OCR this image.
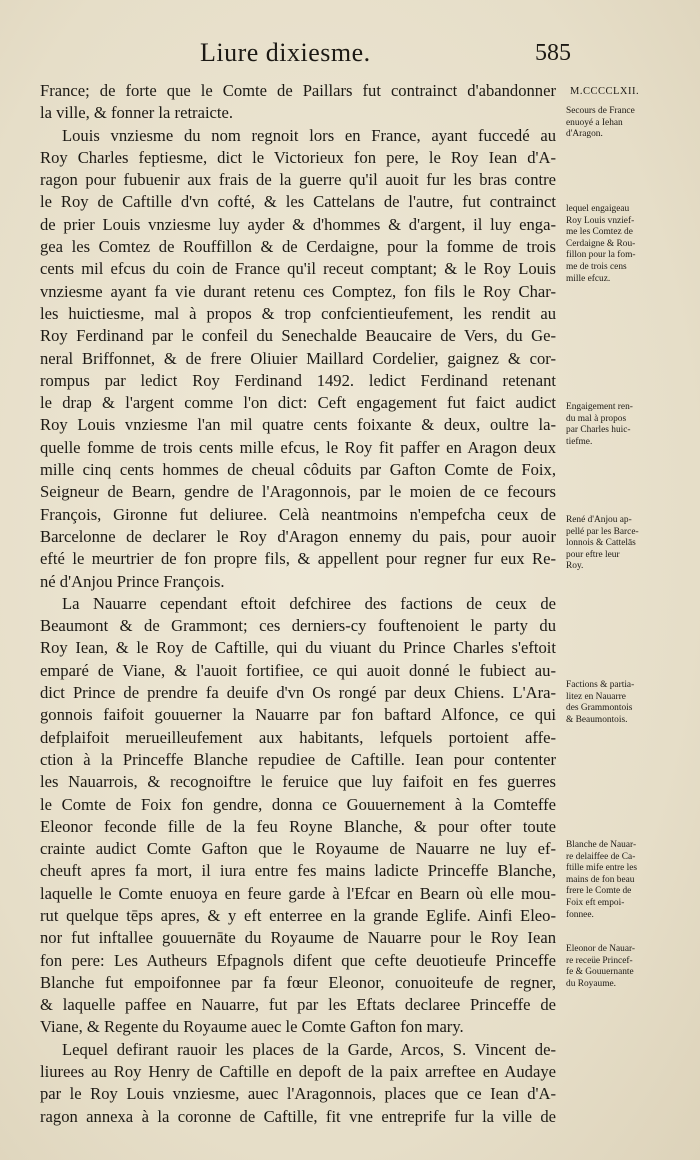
Liure dixiesme.	585
M.CCCCLXII.
France; de forte que le Comte de Paillars fut contrainct d'abandonner
la ville, & fonner la retraicte.
Louis vnziesme du nom regnoit lors en France, ayant fuccedé au
Roy Charles feptiesme, dict le Victorieux fon pere, le Roy Iean d'A-
ragon pour fubuenir aux frais de la guerre qu'il auoit fur les bras contre
le Roy de Caftille d'vn cofté, & les Cattelans de l'autre, fut contrainct
de prier Louis vnziesme luy ayder & d'hommes & d'argent, il luy enga-
gea les Comtez de Rouffillon & de Cerdaigne, pour la fomme de trois
cents mil efcus du coin de France qu'il receut comptant; & le Roy Louis
vnziesme ayant fa vie durant retenu ces Comptez, fon fils le Roy Char-
les huictiesme, mal à propos & trop confcientieufement, les rendit au
Roy Ferdinand par le confeil du Senechalde Beaucaire de Vers, du Ge-
neral Briffonnet, & de frere Oliuier Maillard Cordelier, gaignez & cor-
rompus par ledict Roy Ferdinand 1492. ledict Ferdinand retenant
le drap & l'argent comme l'on dict: Ceft engagement fut faict audict
Roy Louis vnziesme l'an mil quatre cents foixante & deux, oultre la-
quelle fomme de trois cents mille efcus, le Roy fit paffer en Aragon deux
mille cinq cents hommes de cheual côduits par Gafton Comte de Foix,
Seigneur de Bearn, gendre de l'Aragonnois, par le moien de ce fecours
François, Gironne fut deliuree. Celà neantmoins n'empefcha ceux de
Barcelonne de declarer le Roy d'Aragon ennemy du pais, pour auoir
efté le meurtrier de fon propre fils, & appellent pour regner fur eux Re-
né d'Anjou Prince François.
La Nauarre cependant eftoit defchiree des factions de ceux de
Beaumont & de Grammont; ces derniers-cy fouftenoient le party du
Roy Iean, & le Roy de Caftille, qui du viuant du Prince Charles s'eftoit
emparé de Viane, & l'auoit fortifiee, ce qui auoit donné le fubiect au-
dict Prince de prendre fa deuife d'vn Os rongé par deux Chiens. L'Ara-
gonnois faifoit gouuerner la Nauarre par fon baftard Alfonce, ce qui
defplaifoit merueilleufement aux habitants, lefquels portoient affe-
ction à la Princeffe Blanche repudiee de Caftille. Iean pour contenter
les Nauarrois, & recognoiftre le feruice que luy faifoit en fes guerres
le Comte de Foix fon gendre, donna ce Gouuernement à la Comteffe
Eleonor feconde fille de la feu Royne Blanche, & pour ofter toute
crainte audict Comte Gafton que le Royaume de Nauarre ne luy ef-
cheuft apres fa mort, il iura entre fes mains ladicte Princeffe Blanche,
laquelle le Comte enuoya en feure garde à l'Efcar en Bearn où elle mou-
rut quelque tēps apres, & y eft enterree en la grande Eglife. Ainfi Eleo-
nor fut inftallee gouuernāte du Royaume de Nauarre pour le Roy Iean
fon pere: Les Autheurs Efpagnols difent que cefte deuotieufe Princeffe
Blanche fut empoifonnee par fa fœur Eleonor, conuoiteufe de regner,
& laquelle paffee en Nauarre, fut par les Eftats declaree Princeffe de
Viane, & Regente du Royaume auec le Comte Gafton fon mary.
Lequel defirant rauoir les places de la Garde, Arcos, S. Vincent de-
liurees au Roy Henry de Caftille en depoft de la paix arreftee en Audaye
par le Roy Louis vnziesme, auec l'Aragonnois, places que ce Iean d'A-
ragon annexa à la coronne de Caftille, fit vne entreprife fur la ville de
Secours de France
enuoyé a Iehan
d'Aragon.
lequel engaigeau
Roy Louis vnzief-
me les Comtez de
Cerdaigne & Rou-
fillon pour la fom-
me de trois cens
mille efcuz.
Engaigement ren-
du mal à propos
par Charles huic-
tiefme.
René d'Anjou ap-
pellé par les Barce-
lonnois & Cattelās
pour eftre leur
Roy.
Factions & partia-
litez en Nauarre
des Grammontois
& Beaumontois.
Blanche de Nauar-
re delaiffee de Ca-
ftille mife entre les
mains de fon beau
frere le Comte de
Foix eft empoi-
fonnee.
Eleonor de Nauar-
re receüe Princef-
fe & Gouuernante
du Royaume.
